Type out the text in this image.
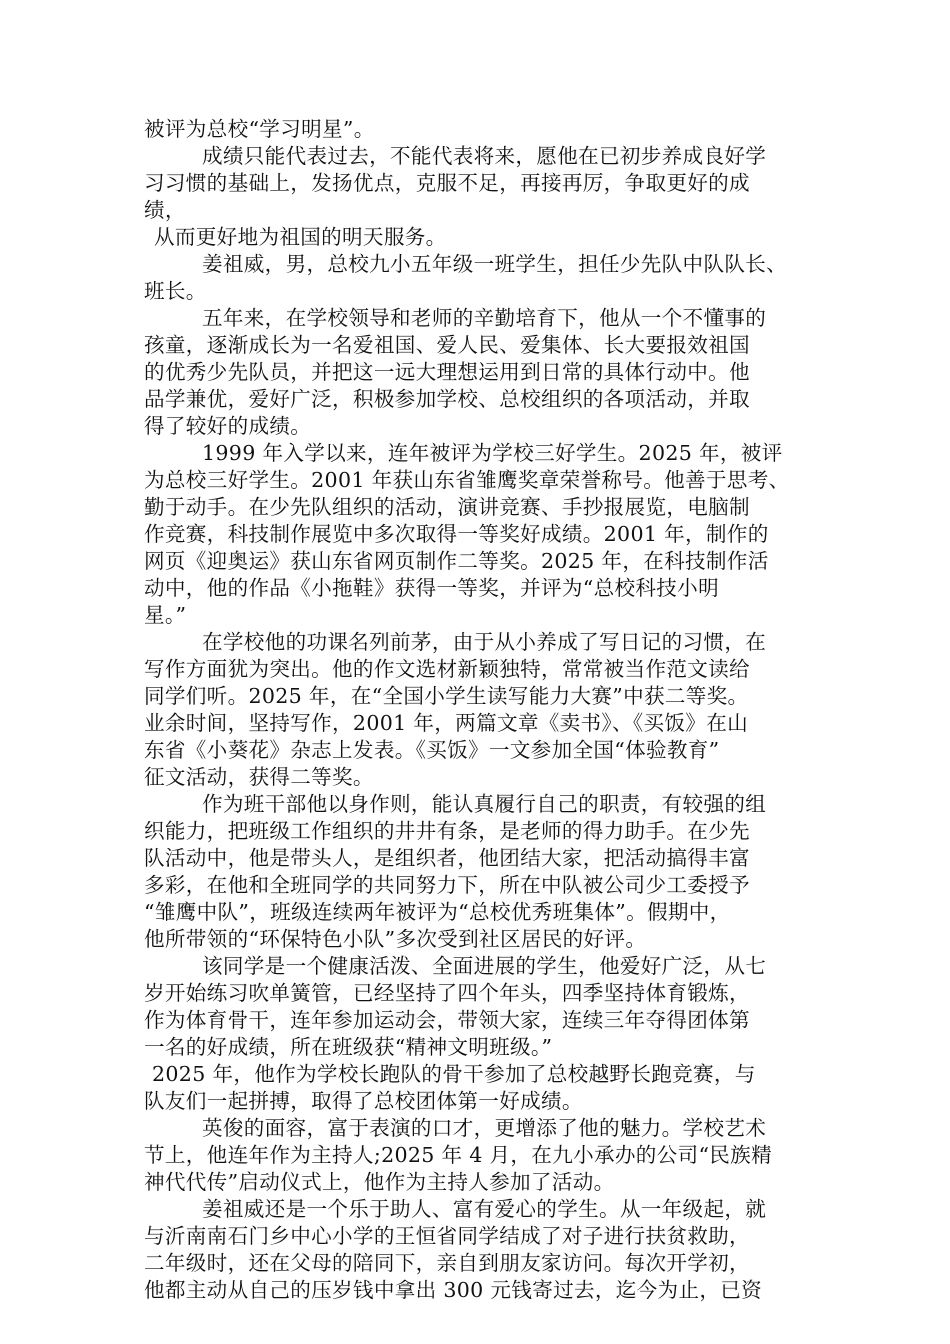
被评为总校“学习明星”。
成绩只能代表过去，不能代表将来，愿他在已初步养成良好学
习习惯的基础上，发扬优点，克服不足，再接再厉，争取更好的成
绩，
从而更好地为祖国的明天服务。
姜祖威，男，总校九小五年级一班学生，担任少先队中队队长、
班长。
五年来，在学校领导和老师的辛勤培育下，他从一个不懂事的
孩童，逐渐成长为一名爱祖国、爱人民、爱集体、长大要报效祖国
的优秀少先队员，并把这一远大理想运用到日常的具体行动中。他
品学兼优，爱好广泛，积极参加学校、总校组织的各项活动，并取
得了较好的成绩。
1999 年入学以来，连年被评为学校三好学生。2025 年，被评
为总校三好学生。2001 年获山东省雏鹰奖章荣誉称号。他善于思考、
勤于动手。在少先队组织的活动，演讲竞赛、手抄报展览，电脑制
作竞赛，科技制作展览中多次取得一等奖好成绩。2001 年，制作的
网页《迎奥运》获山东省网页制作二等奖。2025 年，在科技制作活
动中，他的作品《小拖鞋》获得一等奖，并评为“总校科技小明
星。”
在学校他的功课名列前茅，由于从小养成了写日记的习惯，在
写作方面犹为突出。他的作文选材新颖独特，常常被当作范文读给
同学们听。2025 年，在“全国小学生读写能力大赛”中获二等奖。
业余时间，坚持写作，2001 年，两篇文章《卖书》、《买饭》在山
东省《小葵花》杂志上发表。《买饭》一文参加全国“体验教育”
征文活动，获得二等奖。
作为班干部他以身作则，能认真履行自己的职责，有较强的组
织能力，把班级工作组织的井井有条，是老师的得力助手。在少先
队活动中，他是带头人，是组织者，他团结大家，把活动搞得丰富
多彩，在他和全班同学的共同努力下，所在中队被公司少工委授予
“雏鹰中队”，班级连续两年被评为“总校优秀班集体”。假期中，
他所带领的“环保特色小队”多次受到社区居民的好评。
该同学是一个健康活泼、全面进展的学生，他爱好广泛，从七
岁开始练习吹单簧管，已经坚持了四个年头，四季坚持体育锻炼，
作为体育骨干，连年参加运动会，带领大家，连续三年夺得团体第
一名的好成绩，所在班级获“精神文明班级。”
2025 年，他作为学校长跑队的骨干参加了总校越野长跑竞赛，与
队友们一起拼搏，取得了总校团体第一好成绩。
英俊的面容，富于表演的口才，更增添了他的魅力。学校艺术
节上，他连年作为主持人;2025 年 4 月，在九小承办的公司“民族精
神代代传”启动仪式上，他作为主持人参加了活动。
姜祖威还是一个乐于助人、富有爱心的学生。从一年级起，就
与沂南南石门乡中心小学的王恒省同学结成了对子进行扶贫救助，
二年级时，还在父母的陪同下，亲自到朋友家访问。每次开学初，
他都主动从自己的压岁钱中拿出 300 元钱寄过去，迄今为止，已资
